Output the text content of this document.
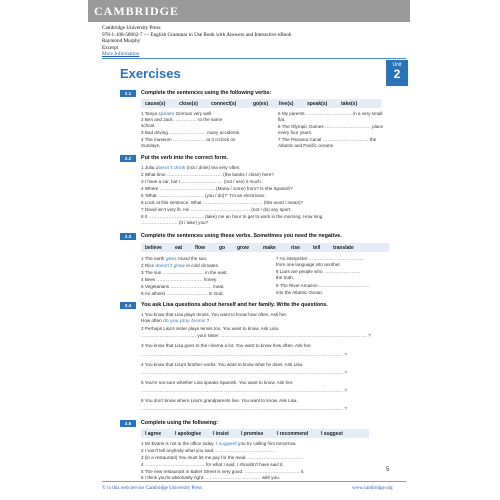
CAMBRIDGE
Cambridge University Press
978-1-108-58662-7 — English Grammar in Use Book with Answers and Interactive eBook
Raymond Murphy
Excerpt
More Information
Exercises
Unit
2
2.1	Complete the sentences using the following verbs:
cause(s)	close(s)	connect(s)	go(es) live(s)	speak(s)	take(s)
1 Tanya speaks German very well.
2 Ben and Jack …………… to the same
school.
3 Bad driving …………………… many accidents.
4 The museum ………………… at 4 o'clock on
Sundays.
5 My parents ………………………… in a very small
flat.
6 The Olympic Games ………………………… place
every four years.
7 The Panama Canal ………………………… the
Atlantic and Pacific oceans.
2.2	Put the verb into the correct form.
1 Julia doesn't drink (not / drink) tea very often.
2 What time ……………………………… (the banks / close) here?
3 I have a car, but I ……………………… (not / use) it much.
4 Where ……………………………… (Maria / come) from? Is she Spanish?
5 'What ………………………… (you / do)?' 'I'm an electrician.'
6 Look at this sentence. What ………………………………… (this word / mean)?
7 David isn't very fit. He ………………………………… (not / do) any sport.
8 It ……………………………… (take) me an hour to get to work in the morning. How long
…………………… (it / take) you?
2.3	Complete the sentences using these verbs. Sometimes you need the negative.
believe	eat	flow	go grow	make	rise	tell	translate
1 The earth goes round the sun.
2 Rice doesn't grow in cold climates.
3 The sun ……………………… in the east.
4 Bees ………………………… honey.
5 Vegetarians ……………………… meat.
6 An atheist ……………………… in God.
7 An interpreter ………………………………
from one language into another.
8 Liars are people who ……………………
the truth.
9 The River Amazon ……………………………
into the Atlantic Ocean.
2.4	You ask Lisa questions about herself and her family. Write the questions.
1 You know that Lisa plays tennis. You want to know how often. Ask her.
How often do you play tennis ?
2 Perhaps Lisa's sister plays tennis too. You want to know. Ask Lisa.
……………………………… your sister …………………………………………………………………………………… ?
3 You know that Lisa goes to the cinema a lot. You want to know how often. Ask her.
…………………………………………………………………………………………………………………… ?
4 You know that Lisa's brother works. You want to know what he does. Ask Lisa.
…………………………………………………………………………………………………………………… ?
5 You're not sure whether Lisa speaks Spanish. You want to know. Ask her.
…………………………………………………………………………………………………………………… ?
6 You don't know where Lisa's grandparents live. You want to know. Ask Lisa.
…………………………………………………………………………………………………………………… ?
2.5	Complete using the following:
I agree	I apologise I insist I promise	I recommend	I suggest
1 Mr Evans is not in the office today. I suggest you try calling him tomorrow.
2 I won't tell anybody what you said. …………………………………
3 (in a restaurant) You must let me pay for the meal. ………………………………
4 ………………………………… for what I said. I shouldn't have said it.
5 The new restaurant in Baker Street is very good. ……………………………… it.
6 I think you're absolutely right. ……………………………… with you.
5
© in this web service Cambridge University Press	www.cambridge.org
